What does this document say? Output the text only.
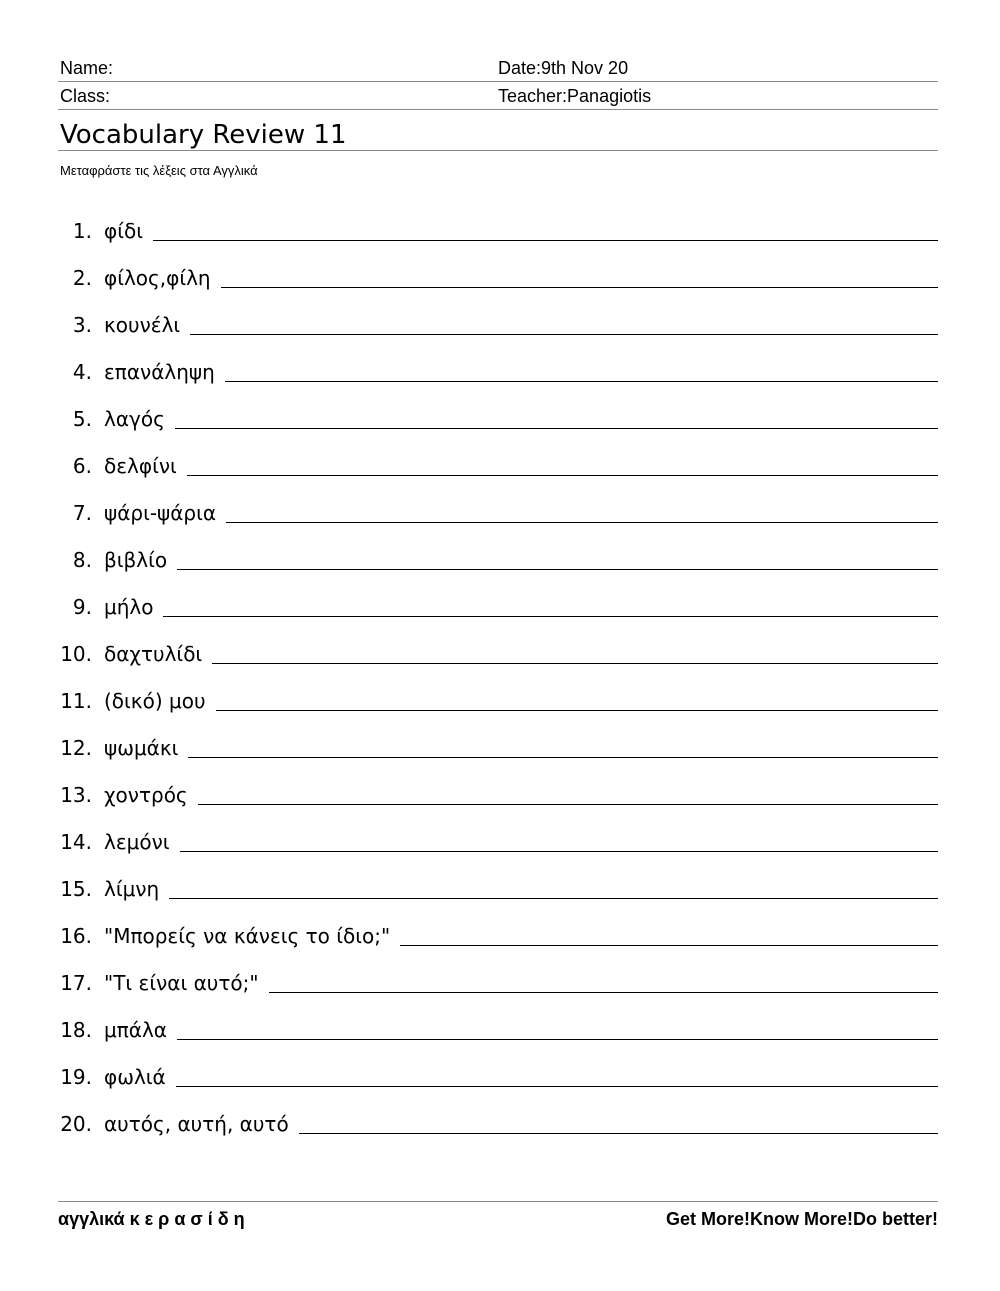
Name:	Date:9th Nov 20
Class:	Teacher:Panagiotis
Vocabulary Review 11
Μεταφράστε τις λέξεις στα Αγγλικά
1. φίδι
2. φίλος,φίλη
3. κουνέλι
4. επανάληψη
5. λαγός
6. δελφίνι
7. ψάρι-ψάρια
8. βιβλίο
9. μήλο
10. δαχτυλίδι
11. (δικό) μου
12. ψωμάκι
13. χοντρός
14. λεμόνι
15. λίμνη
16. "Μπορείς να κάνεις το ίδιο;"
17. "Τι είναι αυτό;"
18. μπάλα
19. φωλιά
20. αυτός, αυτή, αυτό
αγγλικά κ ε ρ α σ ί δ η	Get More!Know More!Do better!
